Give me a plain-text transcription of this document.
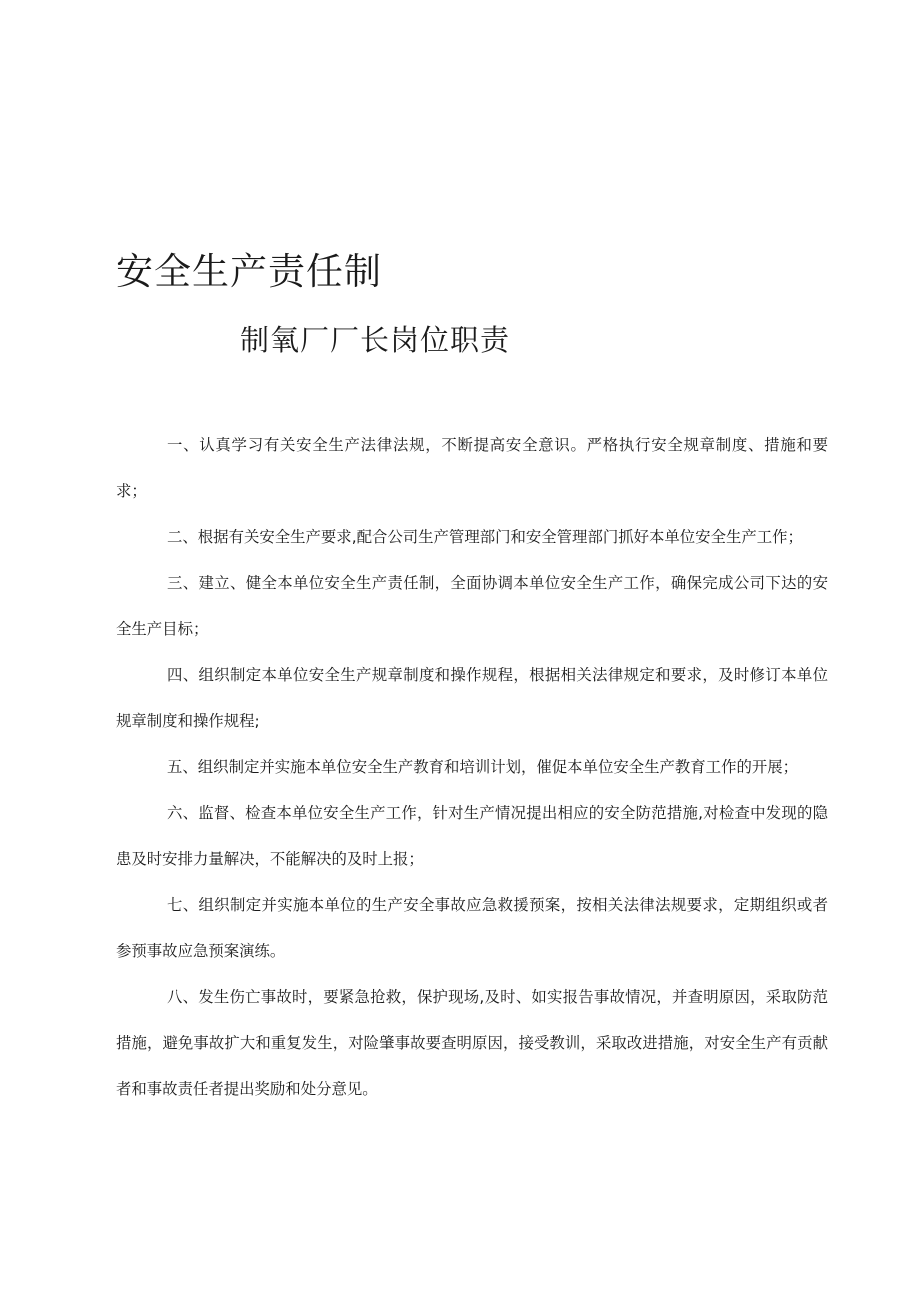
安全生产责任制
制氧厂厂长岗位职责

一、认真学习有关安全生产法律法规，不断提高安全意识。严格执行安全规章制度、措施和要求；

二、根据有关安全生产要求,配合公司生产管理部门和安全管理部门抓好本单位安全生产工作；

三、建立、健全本单位安全生产责任制，全面协调本单位安全生产工作，确保完成公司下达的安全生产目标；

四、组织制定本单位安全生产规章制度和操作规程，根据相关法律规定和要求，及时修订本单位规章制度和操作规程;

五、组织制定并实施本单位安全生产教育和培训计划，催促本单位安全生产教育工作的开展；

六、监督、检查本单位安全生产工作，针对生产情况提出相应的安全防范措施,对检查中发现的隐患及时安排力量解决，不能解决的及时上报；

七、组织制定并实施本单位的生产安全事故应急救援预案，按相关法律法规要求，定期组织或者参预事故应急预案演练。

八、发生伤亡事故时，要紧急抢救，保护现场,及时、如实报告事故情况，并查明原因，采取防范措施，避免事故扩大和重复发生，对险肇事故要查明原因，接受教训，采取改进措施，对安全生产有贡献者和事故责任者提出奖励和处分意见。
